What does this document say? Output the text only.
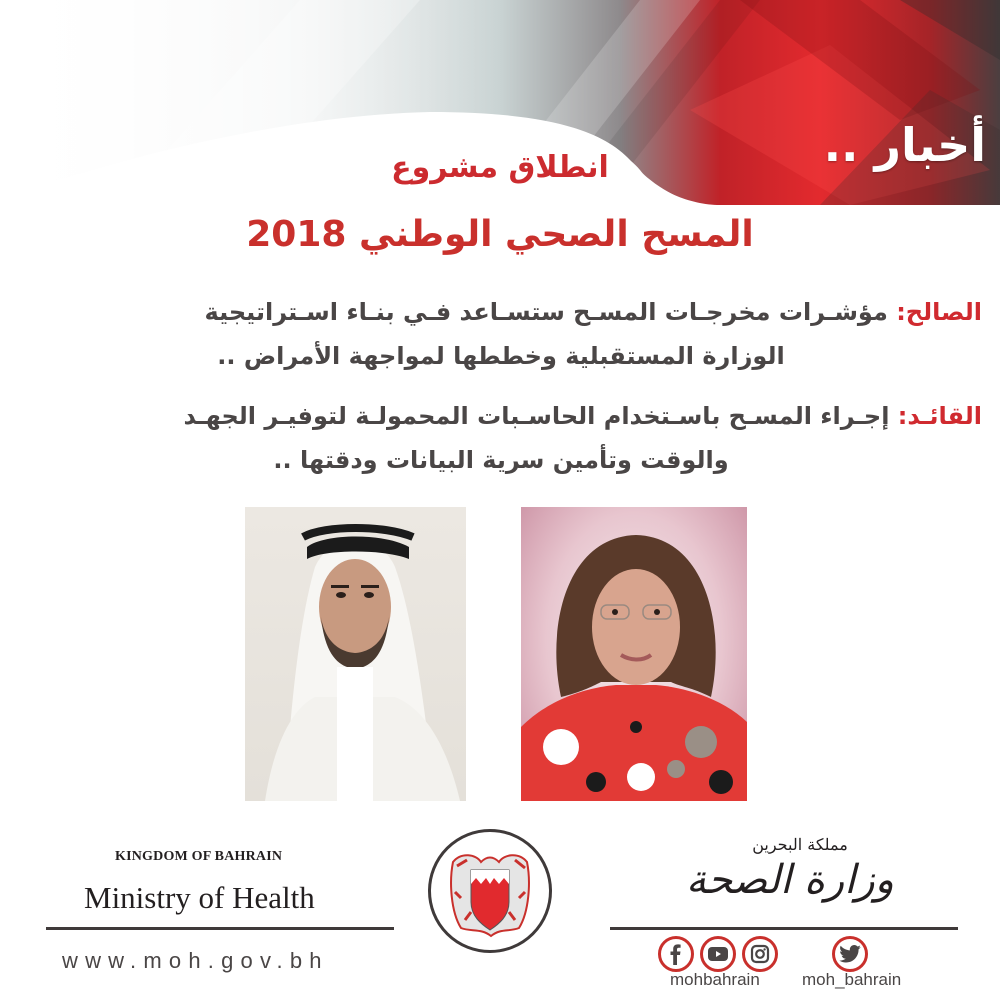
أخبار ..
انطلاق مشروع
المسح الصحي الوطني 2018
الصالح: مؤشـرات مخرجـات المسـح ستسـاعد فـي بنـاء اسـتراتيجية
الوزارة المستقبلية وخططها لمواجهة الأمراض ..
القائـد: إجـراء المسـح باسـتخدام الحاسـبات المحمولـة لتوفيـر الجهـد
والوقت وتأمين سرية البيانات ودقتها ..
KINGDOM OF BAHRAIN
Ministry of Health
www.moh.gov.bh
مملكة البحرين
وزارة الصحة
mohbahrain moh_bahrain
